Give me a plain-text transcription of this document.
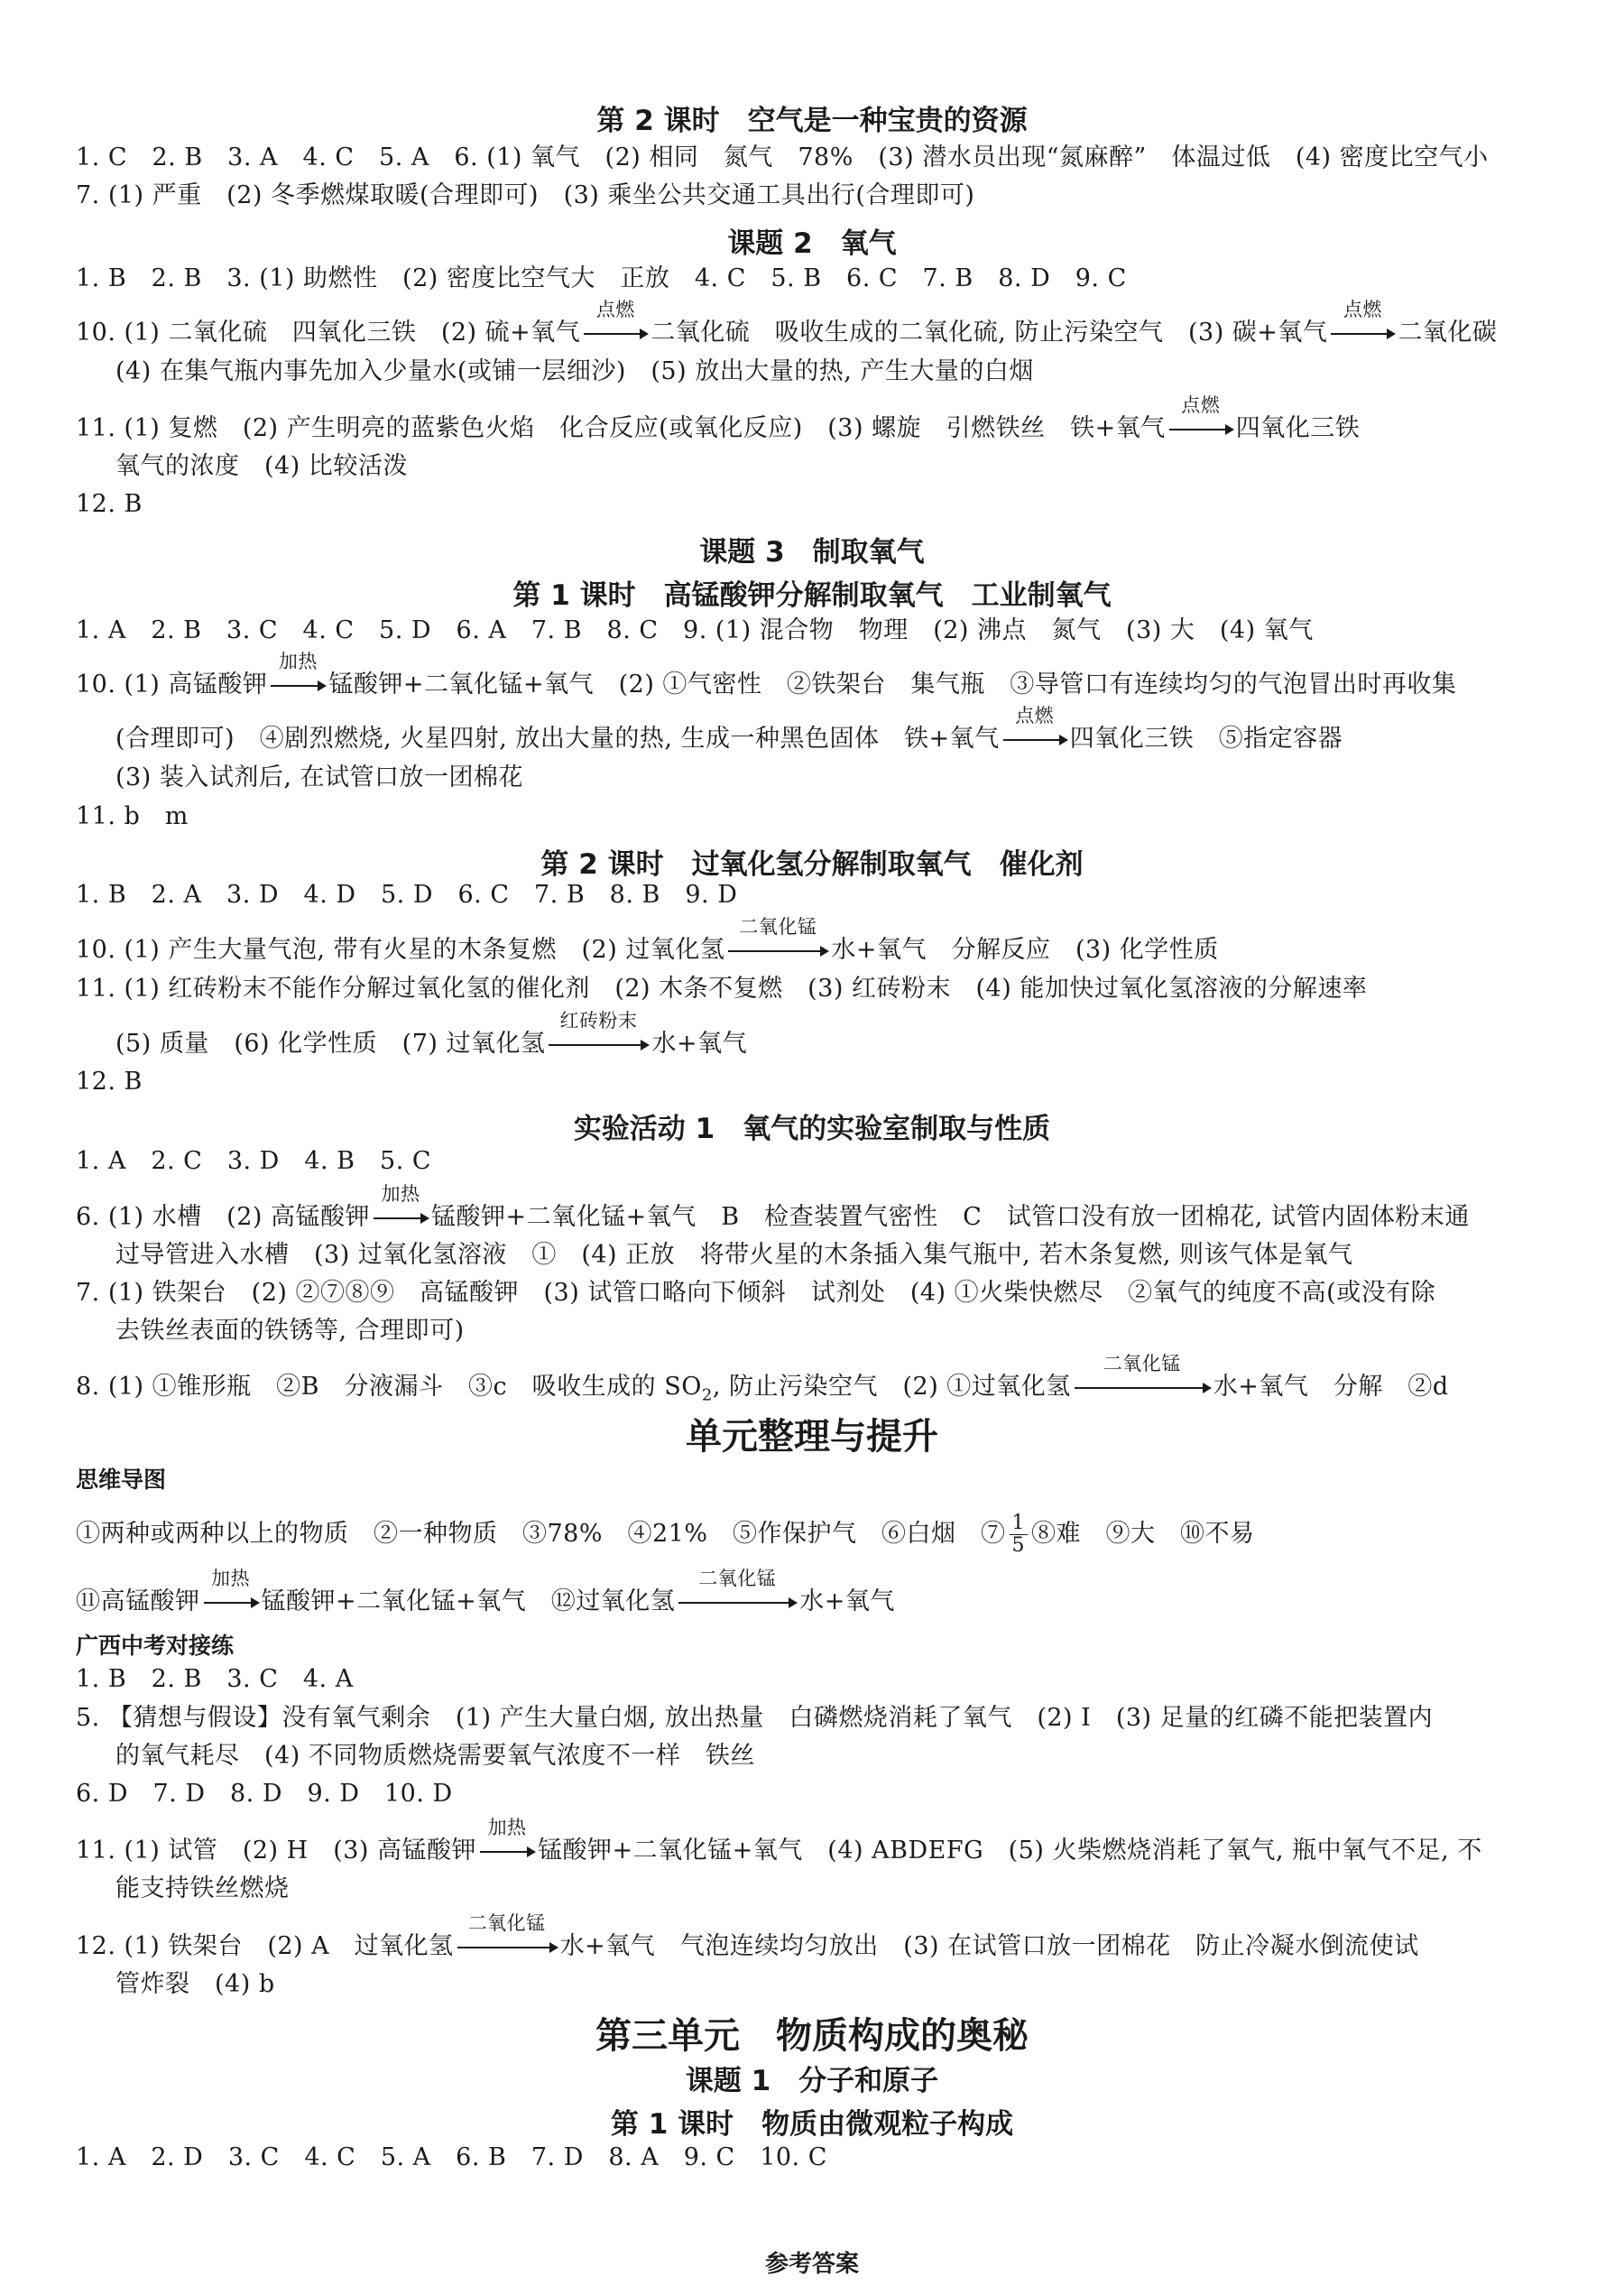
第 2 课时　空气是一种宝贵的资源
1. C　2. B　3. A　4. C　5. A　6. (1) 氧气　(2) 相同　氮气　78%　(3) 潜水员出现“氮麻醉”　体温过低　(4) 密度比空气小
7. (1) 严重　(2) 冬季燃煤取暖(合理即可)　(3) 乘坐公共交通工具出行(合理即可)
课题 2　氧气
1. B　2. B　3. (1) 助燃性　(2) 密度比空气大　正放　4. C　5. B　6. C　7. B　8. D　9. C
10. (1) 二氧化硫　四氧化三铁　(2) 硫+氧气
点燃
二氧化硫　吸收生成的二氧化硫, 防止污染空气　(3) 碳+氧气
点燃
二氧化碳
(4) 在集气瓶内事先加入少量水(或铺一层细沙)　(5) 放出大量的热, 产生大量的白烟
11. (1) 复燃　(2) 产生明亮的蓝紫色火焰　化合反应(或氧化反应)　(3) 螺旋　引燃铁丝　铁+氧气
点燃
四氧化三铁
氧气的浓度　(4) 比较活泼
12. B
课题 3　制取氧气
第 1 课时　高锰酸钾分解制取氧气　工业制氧气
1. A　2. B　3. C　4. C　5. D　6. A　7. B　8. C　9. (1) 混合物　物理　(2) 沸点　氮气　(3) 大　(4) 氧气
10. (1) 高锰酸钾
加热
锰酸钾+二氧化锰+氧气　(2) ①气密性　②铁架台　集气瓶　③导管口有连续均匀的气泡冒出时再收集
(合理即可)　④剧烈燃烧, 火星四射, 放出大量的热, 生成一种黑色固体　铁+氧气
点燃
四氧化三铁　⑤指定容器
(3) 装入试剂后, 在试管口放一团棉花
11. b　m
第 2 课时　过氧化氢分解制取氧气　催化剂
1. B　2. A　3. D　4. D　5. D　6. C　7. B　8. B　9. D
10. (1) 产生大量气泡, 带有火星的木条复燃　(2) 过氧化氢
二氧化锰
水+氧气　分解反应　(3) 化学性质
11. (1) 红砖粉末不能作分解过氧化氢的催化剂　(2) 木条不复燃　(3) 红砖粉末　(4) 能加快过氧化氢溶液的分解速率
(5) 质量　(6) 化学性质　(7) 过氧化氢
红砖粉末
水+氧气
12. B
实验活动 1　氧气的实验室制取与性质
1. A　2. C　3. D　4. B　5. C
6. (1) 水槽　(2) 高锰酸钾
加热
锰酸钾+二氧化锰+氧气　B　检查装置气密性　C　试管口没有放一团棉花, 试管内固体粉末通
过导管进入水槽　(3) 过氧化氢溶液　①　(4) 正放　将带火星的木条插入集气瓶中, 若木条复燃, 则该气体是氧气
7. (1) 铁架台　(2) ②⑦⑧⑨　高锰酸钾　(3) 试管口略向下倾斜　试剂处　(4) ①火柴快燃尽　②氧气的纯度不高(或没有除
去铁丝表面的铁锈等, 合理即可)
8. (1) ①锥形瓶　②B　分液漏斗　③c　吸收生成的 $SO_2$, 防止污染空气　(2) ①过氧化氢
二氧化锰
水+氧气　分解　②d
单元整理与提升
思维导图
①两种或两种以上的物质　②一种物质　③78%　④21%　⑤作保护气　⑥白烟　⑦ $\frac{1}{5}$ ⑧难　⑨大　⑩不易
⑪高锰酸钾
加热
锰酸钾+二氧化锰+氧气　⑫过氧化氢
二氧化锰
水+氧气
广西中考对接练
1. B　2. B　3. C　4. A
5. 【猜想与假设】没有氧气剩余　(1) 产生大量白烟, 放出热量　白磷燃烧消耗了氧气　(2) Ⅰ　(3) 足量的红磷不能把装置内
的氧气耗尽　(4) 不同物质燃烧需要氧气浓度不一样　铁丝
6. D　7. D　8. D　9. D　10. D
11. (1) 试管　(2) H　(3) 高锰酸钾
加热
锰酸钾+二氧化锰+氧气　(4) ABDEFG　(5) 火柴燃烧消耗了氧气, 瓶中氧气不足, 不
能支持铁丝燃烧
12. (1) 铁架台　(2) A　过氧化氢
二氧化锰
水+氧气　气泡连续均匀放出　(3) 在试管口放一团棉花　防止冷凝水倒流使试
管炸裂　(4) b
第三单元　物质构成的奥秘
课题 1　分子和原子
第 1 课时　物质由微观粒子构成
1. A　2. D　3. C　4. C　5. A　6. B　7. D　8. A　9. C　10. C
参考答案
